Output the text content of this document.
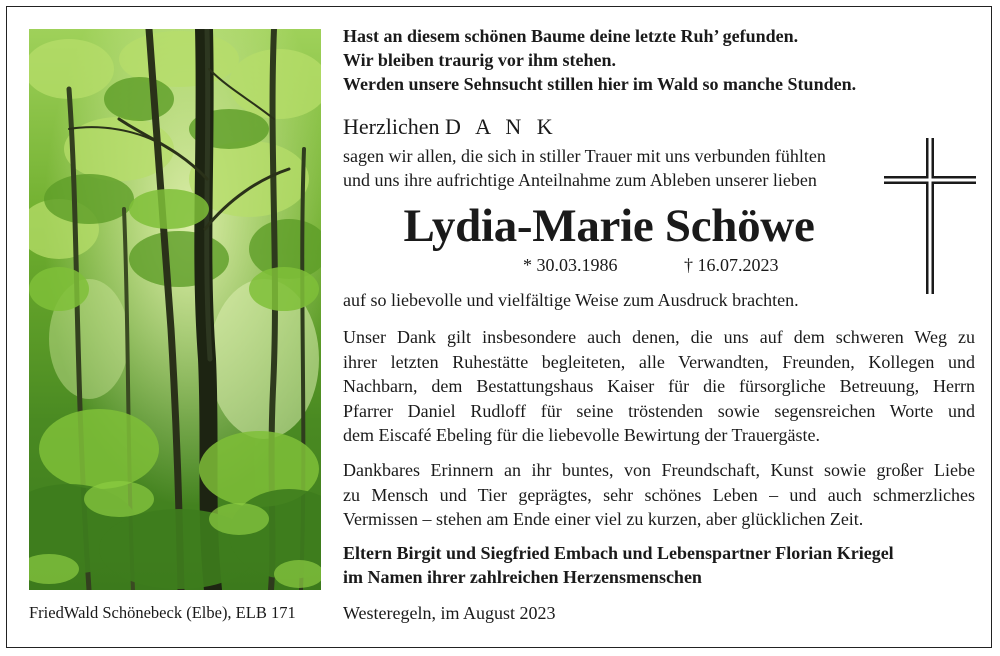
FriedWald Schönebeck (Elbe), ELB 171
Hast an diesem schönen Baume deine letzte Ruh’ gefunden.
Wir bleiben traurig vor ihm stehen.
Werden unsere Sehnsucht stillen hier im Wald so manche Stunden.
Herzlichen D A N K
sagen wir allen, die sich in stiller Trauer mit uns verbunden fühlten
und uns ihre aufrichtige Anteilnahme zum Ableben unserer lieben
Lydia-Marie Schöwe
* 30.03.1986	† 16.07.2023
auf so liebevolle und vielfältige Weise zum Ausdruck brachten.
Unser Dank gilt insbesondere auch denen, die uns auf dem schweren Weg zu
ihrer letzten Ruhestätte begleiteten, alle Verwandten, Freunden, Kollegen und
Nachbarn, dem Bestattungshaus Kaiser für die fürsorgliche Betreuung, Herrn
Pfarrer Daniel Rudloff für seine tröstenden sowie segensreichen Worte und
dem Eiscafé Ebeling für die liebevolle Bewirtung der Trauergäste.
Dankbares Erinnern an ihr buntes, von Freundschaft, Kunst sowie großer Liebe
zu Mensch und Tier geprägtes, sehr schönes Leben – und auch schmerzliches
Vermissen – stehen am Ende einer viel zu kurzen, aber glücklichen Zeit.
Eltern Birgit und Siegfried Embach und Lebenspartner Florian Kriegel
im Namen ihrer zahlreichen Herzensmenschen
Westeregeln, im August 2023
